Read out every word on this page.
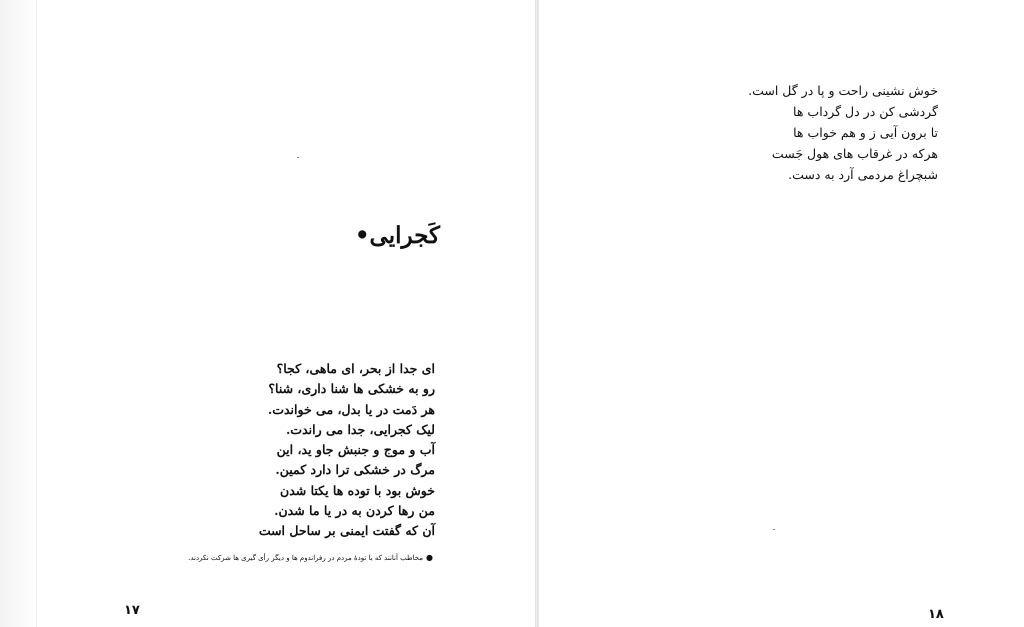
كَجرايی•
ای جدا از بحر، ای ماهی، کجا؟
رو به خشکی ها شنا داری، شنا؟
هر دَمت در یا بدل، می خواندت.
لیک کجرایی، جدا می راندت.
آب و موج و جنبش جاو ید، این
مرگ در خشکی ترا دارد کمین.
خوش بود با توده ها یکتا شدن
من رها کردن به در یا ما شدن.
آن که گفتت ایمنی بر ساحل است
●مخاطب آنانند که با تودهٔ مردم در رفراندوم ها و دیگر رأی گیری ها شرکت نکردند.
۱۷
خوش نشینی راحت و پا در گل است.
گردشی کن در دل گرداب ها
تا برون آیی ز و هم خواب ها
هرکه در غرقاب های هول جَست
شبچراغ مردمی آرد به دست.
۱۸
